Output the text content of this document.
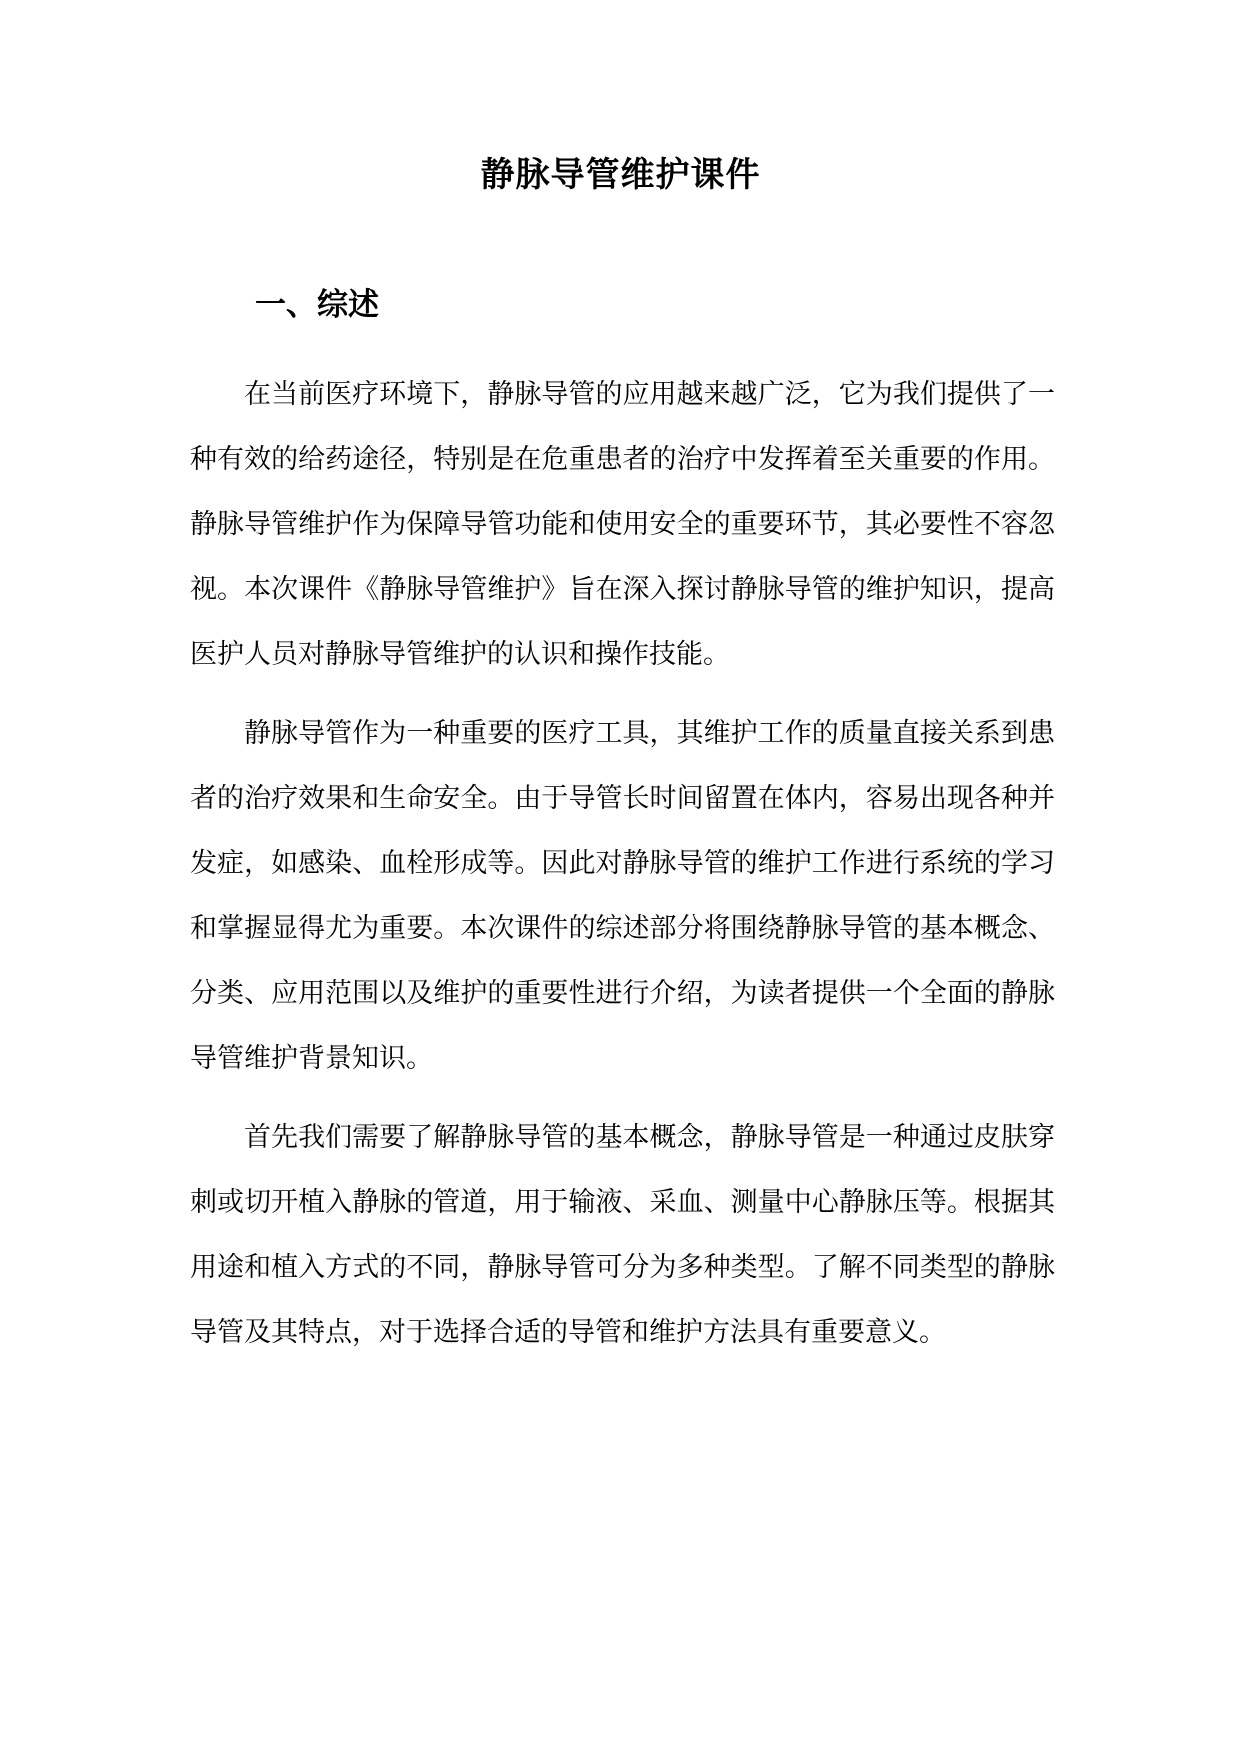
静脉导管维护课件
一、综述

在当前医疗环境下，静脉导管的应用越来越广泛，它为我们提供了一种有效的给药途径，特别是在危重患者的治疗中发挥着至关重要的作用。静脉导管维护作为保障导管功能和使用安全的重要环节，其必要性不容忽视。本次课件《静脉导管维护》旨在深入探讨静脉导管的维护知识，提高医护人员对静脉导管维护的认识和操作技能。

静脉导管作为一种重要的医疗工具，其维护工作的质量直接关系到患者的治疗效果和生命安全。由于导管长时间留置在体内，容易出现各种并发症，如感染、血栓形成等。因此对静脉导管的维护工作进行系统的学习和掌握显得尤为重要。本次课件的综述部分将围绕静脉导管的基本概念、分类、应用范围以及维护的重要性进行介绍，为读者提供一个全面的静脉导管维护背景知识。

首先我们需要了解静脉导管的基本概念，静脉导管是一种通过皮肤穿刺或切开植入静脉的管道，用于输液、采血、测量中心静脉压等。根据其用途和植入方式的不同，静脉导管可分为多种类型。了解不同类型的静脉导管及其特点，对于选择合适的导管和维护方法具有重要意义。
